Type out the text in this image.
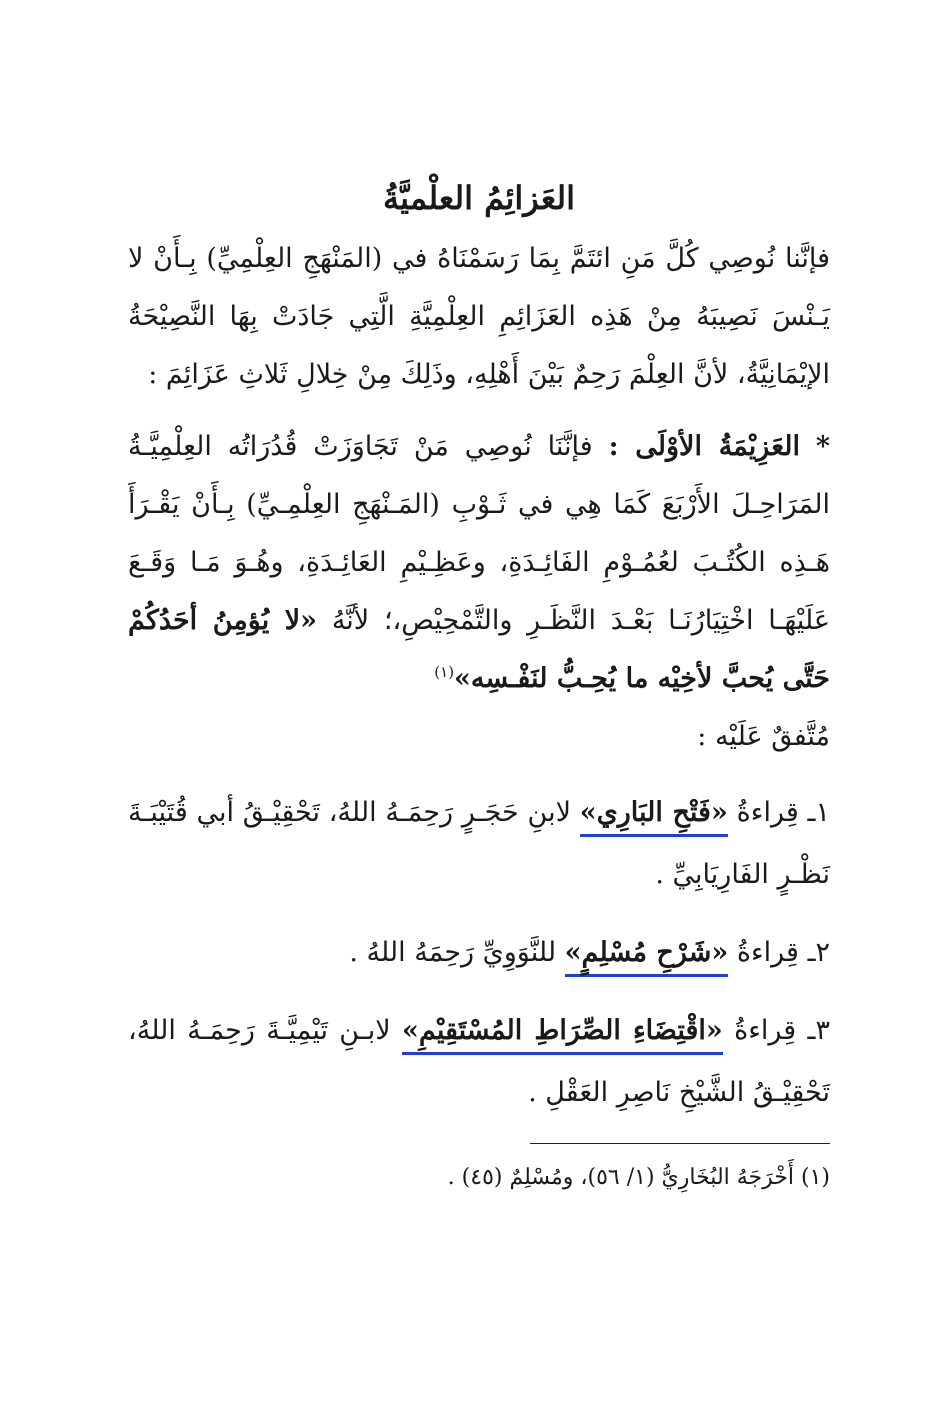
العَزائِمُ العلْميَّةُ

فإنَّنا نُوصِي كُلَّ مَنِ ائتَمَّ بِمَا رَسَمْنَاهُ في (المَنْهَجِ العِلْمِيِّ) بِـأَنْ لا يَـنْسَ نَصِيبَهُ مِنْ هَذِه العَزَائِمِ العِلْمِيَّةِ الَّتِي جَادَتْ بِهَا النَّصِيْحَةُ الإيْمَانِيَّةُ، لأنَّ العِلْمَ رَحِمٌ بَيْنَ أَهْلِهِ، وذَلِكَ مِنْ خِلالِ ثَلاثِ عَزَائِمَ :

* العَزِيْمَةُ الأوْلَى : فإنَّنَا نُوصِي مَنْ تَجَاوَزَتْ قُدُرَاتُه العِلْمِيَّـةُ المَرَاحِـلَ الأَرْبَعَ كَمَا هِي في ثَـوْبِ (المَـنْهَجِ العِلْمِـيِّ) بِـأَنْ يَقْـرَأَ هَـذِه الكُتُـبَ لعُمُـوْمِ الفَائِـدَةِ، وعَظِـيْمِ العَائِـدَةِ، وهُـوَ مَـا وَقَـعَ عَلَيْهَـا اخْتِيَارُنَـا بَعْـدَ النَّظَـرِ والتَّمْحِيْصِ،؛ لأنَّهُ «لا يُؤمِنُ أحَدُكُمْ حَتَّى يُحبَّ لأخِيْه ما يُحِـبُّ لنَفْـسِه»$^{(١)}$
مُتَّفقٌ عَلَيْه :

١ـ قِراءةُ «فَتْحِ البَارِي» لابنِ حَجَـرٍ رَحِمَـهُ اللهُ، تَحْقِيْـقُ أبي قُتَيْبَـةَ نَظْـرٍ الفَارِيَابِيِّ .

٢ـ قِراءةُ «شَرْحِ مُسْلِمٍ» للنَّوَوِيِّ رَحِمَهُ اللهُ .

٣ـ قِراءةُ «اقْتِضَاءِ الصِّرَاطِ المُسْتَقِيْمِ» لابـنِ تَيْمِيَّـةَ رَحِمَـهُ اللهُ، تَحْقِيْـقُ الشَّيْخِ نَاصِرِ العَقْلِ .

(١) أَخْرَجَهُ البُخَارِيُّ (١/ ٥٦)، ومُسْلِمٌ (٤٥) .
